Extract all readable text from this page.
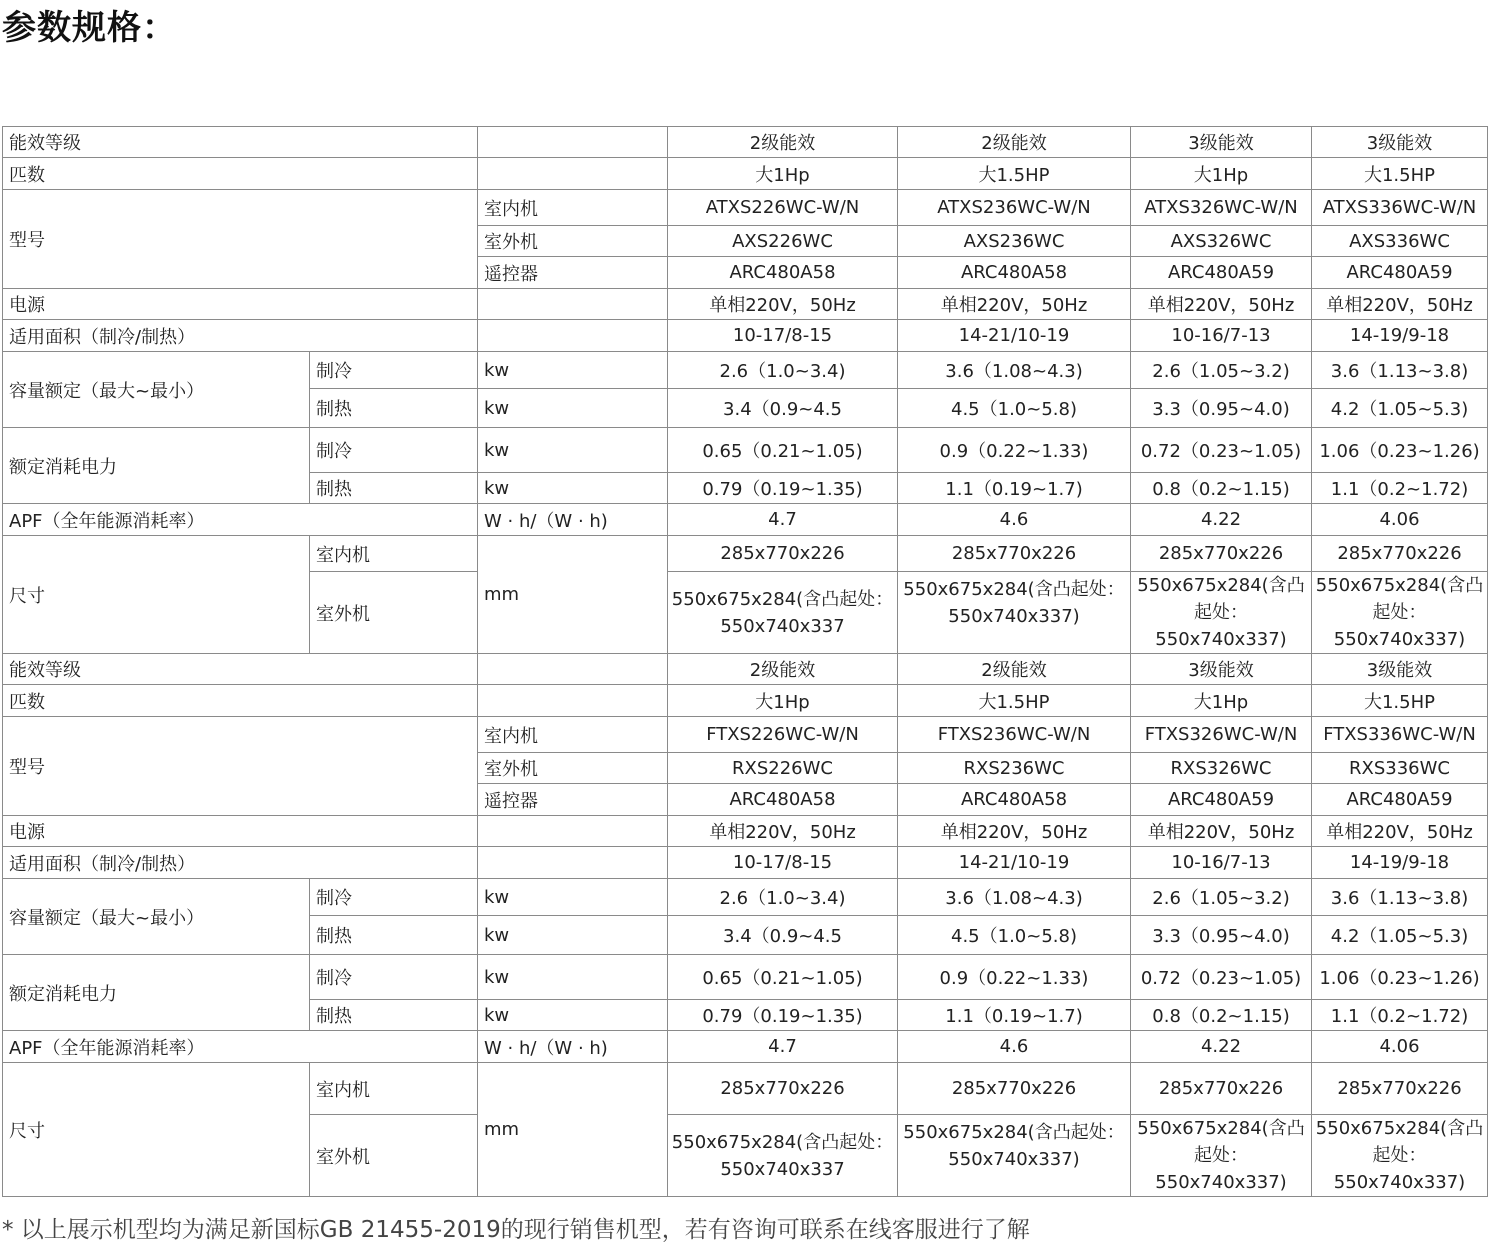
参数规格：
能效等级			2级能效	2级能效	3级能效	3级能效
匹数			大1Hp	大1.5HP	大1Hp	大1.5HP
型号		室内机	ATXS226WC-W/N	ATXS236WC-W/N	ATXS326WC-W/N	ATXS336WC-W/N
		室外机	AXS226WC	AXS236WC	AXS326WC	AXS336WC
		遥控器	ARC480A58	ARC480A58	ARC480A59	ARC480A59
电源			单相220V，50Hz	单相220V，50Hz	单相220V，50Hz	单相220V，50Hz
适用面积（制冷/制热）			10-17/8-15	14-21/10-19	10-16/7-13	14-19/9-18
容量额定（最大~最小）	制冷	kw	2.6（1.0~3.4)	3.6（1.08~4.3)	2.6（1.05~3.2)	3.6（1.13~3.8)
	制热	kw	3.4（0.9~4.5	4.5（1.0~5.8)	3.3（0.95~4.0)	4.2（1.05~5.3)
额定消耗电力	制冷	kw	0.65（0.21~1.05)	0.9（0.22~1.33)	0.72（0.23~1.05)	1.06（0.23~1.26)
	制热	kw	0.79（0.19~1.35)	1.1（0.19~1.7)	0.8（0.2~1.15)	1.1（0.2~1.72)
APF（全年能源消耗率）		W · h/（W · h)	4.7	4.6	4.22	4.06
尺寸	室内机	mm	285x770x226	285x770x226	285x770x226	285x770x226
	室外机		550x675x284(含凸起处：550x740x337	550x675x284(含凸起处：550x740x337)	550x675x284(含凸起处：550x740x337)	550x675x284(含凸起处：550x740x337)
能效等级			2级能效	2级能效	3级能效	3级能效
匹数			大1Hp	大1.5HP	大1Hp	大1.5HP
型号		室内机	FTXS226WC-W/N	FTXS236WC-W/N	FTXS326WC-W/N	FTXS336WC-W/N
		室外机	RXS226WC	RXS236WC	RXS326WC	RXS336WC
		遥控器	ARC480A58	ARC480A58	ARC480A59	ARC480A59
电源			单相220V，50Hz	单相220V，50Hz	单相220V，50Hz	单相220V，50Hz
适用面积（制冷/制热）			10-17/8-15	14-21/10-19	10-16/7-13	14-19/9-18
容量额定（最大~最小）	制冷	kw	2.6（1.0~3.4)	3.6（1.08~4.3)	2.6（1.05~3.2)	3.6（1.13~3.8)
	制热	kw	3.4（0.9~4.5	4.5（1.0~5.8)	3.3（0.95~4.0)	4.2（1.05~5.3)
额定消耗电力	制冷	kw	0.65（0.21~1.05)	0.9（0.22~1.33)	0.72（0.23~1.05)	1.06（0.23~1.26)
	制热	kw	0.79（0.19~1.35)	1.1（0.19~1.7)	0.8（0.2~1.15)	1.1（0.2~1.72)
APF（全年能源消耗率）		W · h/（W · h)	4.7	4.6	4.22	4.06
尺寸	室内机	mm	285x770x226	285x770x226	285x770x226	285x770x226
	室外机		550x675x284(含凸起处：550x740x337	550x675x284(含凸起处：550x740x337)	550x675x284(含凸起处：550x740x337)	550x675x284(含凸起处：550x740x337)
* 以上展示机型均为满足新国标GB 21455-2019的现行销售机型，若有咨询可联系在线客服进行了解
